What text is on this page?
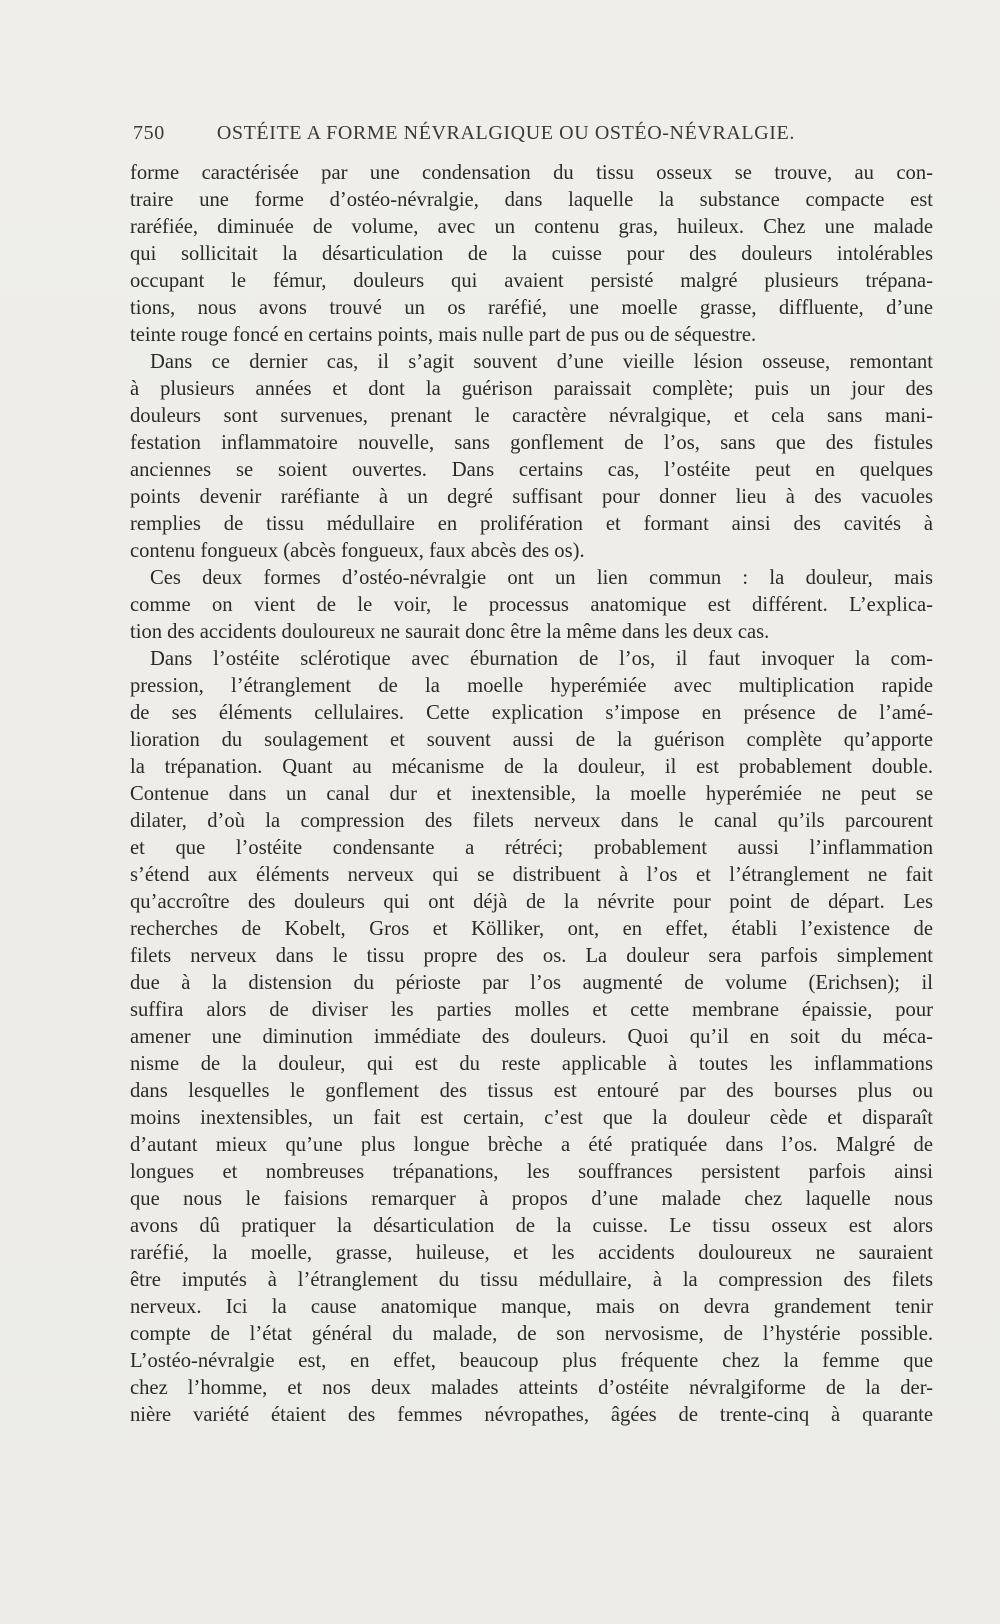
750	OSTÉITE A FORME NÉVRALGIQUE OU OSTÉO-NÉVRALGIE.
forme caractérisée par une condensation du tissu osseux se trouve, au con-
traire une forme d’ostéo-névralgie, dans laquelle la substance compacte est
raréfiée, diminuée de volume, avec un contenu gras, huileux. Chez une malade
qui sollicitait la désarticulation de la cuisse pour des douleurs intolérables
occupant le fémur, douleurs qui avaient persisté malgré plusieurs trépana-
tions, nous avons trouvé un os raréfié, une moelle grasse, diffluente, d’une
teinte rouge foncé en certains points, mais nulle part de pus ou de séquestre.
Dans ce dernier cas, il s’agit souvent d’une vieille lésion osseuse, remontant
à plusieurs années et dont la guérison paraissait complète; puis un jour des
douleurs sont survenues, prenant le caractère névralgique, et cela sans mani-
festation inflammatoire nouvelle, sans gonflement de l’os, sans que des fistules
anciennes se soient ouvertes. Dans certains cas, l’ostéite peut en quelques
points devenir raréfiante à un degré suffisant pour donner lieu à des vacuoles
remplies de tissu médullaire en prolifération et formant ainsi des cavités à
contenu fongueux (abcès fongueux, faux abcès des os).
Ces deux formes d’ostéo-névralgie ont un lien commun : la douleur, mais
comme on vient de le voir, le processus anatomique est différent. L’explica-
tion des accidents douloureux ne saurait donc être la même dans les deux cas.
Dans l’ostéite sclérotique avec éburnation de l’os, il faut invoquer la com-
pression, l’étranglement de la moelle hyperémiée avec multiplication rapide
de ses éléments cellulaires. Cette explication s’impose en présence de l’amé-
lioration du soulagement et souvent aussi de la guérison complète qu’apporte
la trépanation. Quant au mécanisme de la douleur, il est probablement double.
Contenue dans un canal dur et inextensible, la moelle hyperémiée ne peut se
dilater, d’où la compression des filets nerveux dans le canal qu’ils parcourent
et que l’ostéite condensante a rétréci; probablement aussi l’inflammation
s’étend aux éléments nerveux qui se distribuent à l’os et l’étranglement ne fait
qu’accroître des douleurs qui ont déjà de la névrite pour point de départ. Les
recherches de Kobelt, Gros et Kölliker, ont, en effet, établi l’existence de
filets nerveux dans le tissu propre des os. La douleur sera parfois simplement
due à la distension du périoste par l’os augmenté de volume (Erichsen); il
suffira alors de diviser les parties molles et cette membrane épaissie, pour
amener une diminution immédiate des douleurs. Quoi qu’il en soit du méca-
nisme de la douleur, qui est du reste applicable à toutes les inflammations
dans lesquelles le gonflement des tissus est entouré par des bourses plus ou
moins inextensibles, un fait est certain, c’est que la douleur cède et disparaît
d’autant mieux qu’une plus longue brèche a été pratiquée dans l’os. Malgré de
longues et nombreuses trépanations, les souffrances persistent parfois ainsi
que nous le faisions remarquer à propos d’une malade chez laquelle nous
avons dû pratiquer la désarticulation de la cuisse. Le tissu osseux est alors
raréfié, la moelle, grasse, huileuse, et les accidents douloureux ne sauraient
être imputés à l’étranglement du tissu médullaire, à la compression des filets
nerveux. Ici la cause anatomique manque, mais on devra grandement tenir
compte de l’état général du malade, de son nervosisme, de l’hystérie possible.
L’ostéo-névralgie est, en effet, beaucoup plus fréquente chez la femme que
chez l’homme, et nos deux malades atteints d’ostéite névralgiforme de la der-
nière variété étaient des femmes névropathes, âgées de trente-cinq à quarante
